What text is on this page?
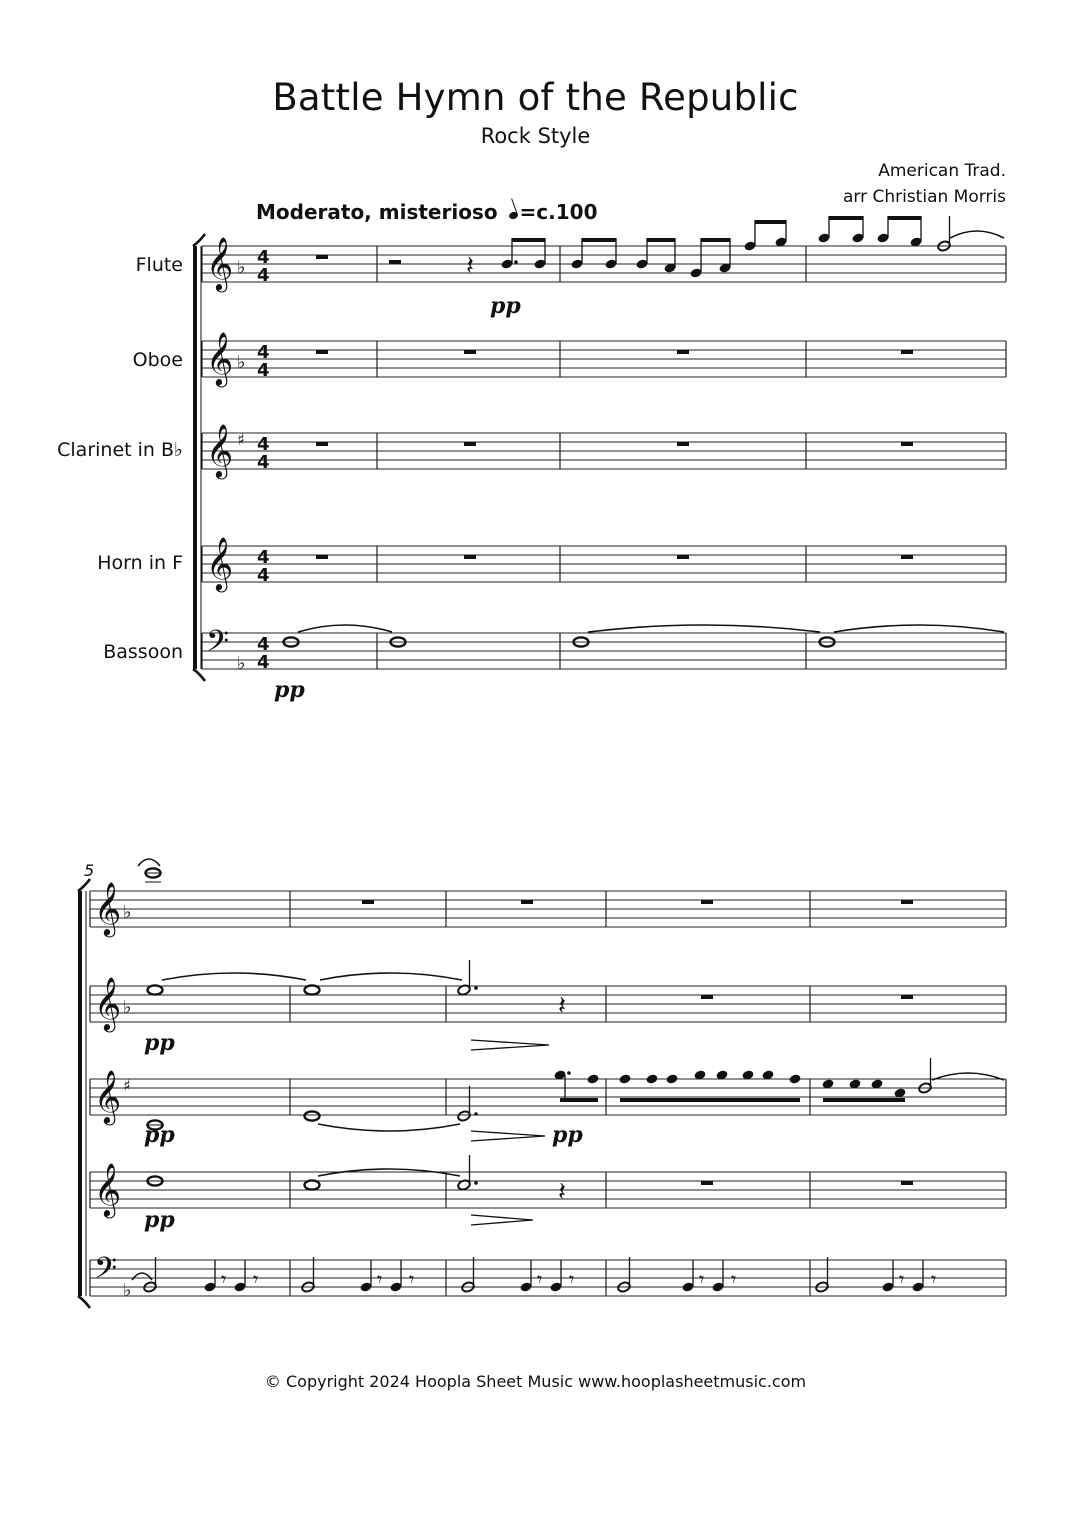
Battle Hymn of the Republic
Rock Style
American Trad.
arr Christian Morris
Moderato, misterioso =c.100
Flute
Oboe
Clarinet in B♭
Horn in F
Bassoon
5
𝄞 ♭ 4
4
𝄞 ♭ 4
4
𝄞 ♯ 4
4
𝄞 4
4
𝄢 ♭
4
4
𝄽
pp
pp
𝄞 ♭
𝄞 ♭
𝄞 ♯
𝄞
𝄢 ♭
𝄽
pp
pp	pp
𝄽
pp
𝄾 𝄾	𝄾 𝄾	𝄾 𝄾	𝄾 𝄾	𝄾 𝄾
© Copyright 2024 Hoopla Sheet Music www.hooplasheetmusic.com
